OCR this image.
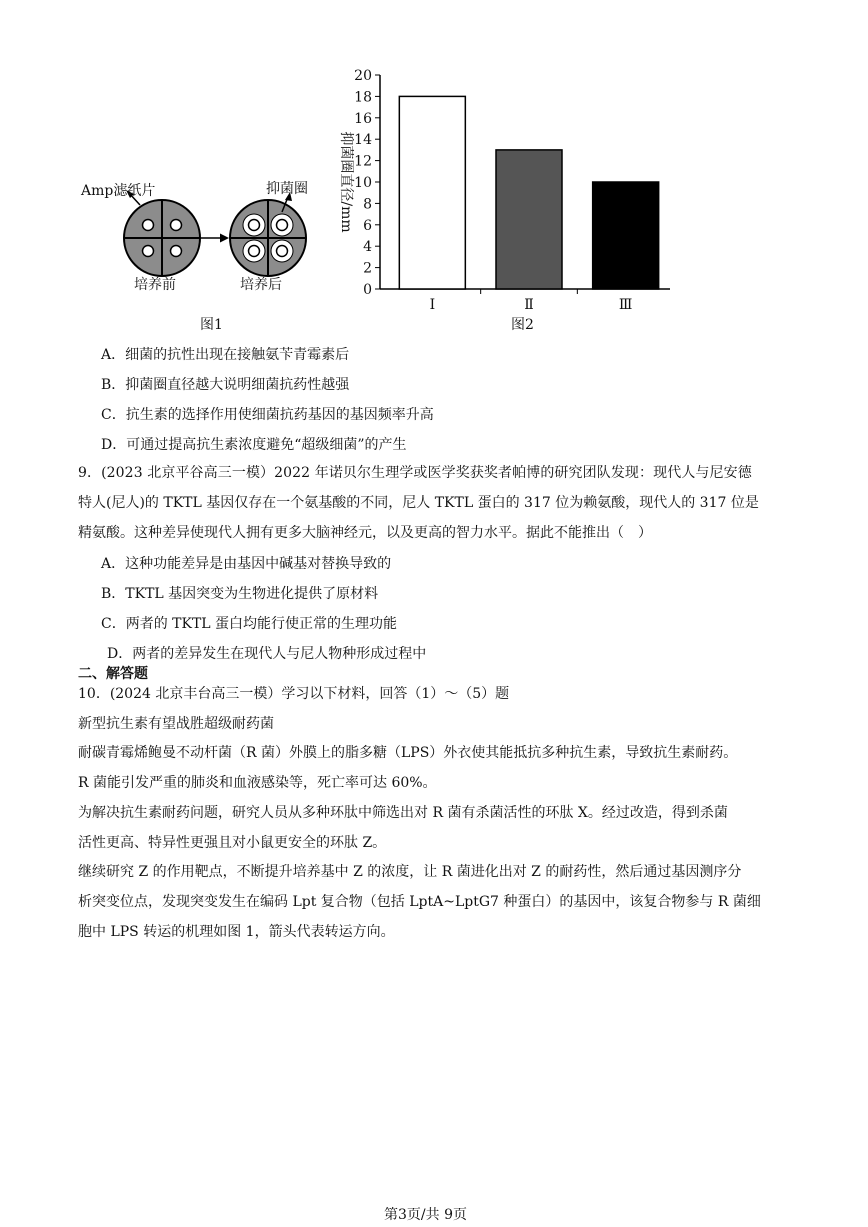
Amp滤纸片	抑菌圈
培养前	培养后
图1
0
2
4
6
8
10
12
14
16
18
20
抑菌圈直径/mm
Ⅰ	Ⅱ	Ⅲ
图2
A．细菌的抗性出现在接触氨苄青霉素后
B．抑菌圈直径越大说明细菌抗药性越强
C．抗生素的选择作用使细菌抗药基因的基因频率升高
D．可通过提高抗生素浓度避免“超级细菌”的产生
9．(2023 北京平谷高三一模）2022 年诺贝尔生理学或医学奖获奖者帕博的研究团队发现：现代人与尼安德
特人(尼人)的 TKTL 基因仅存在一个氨基酸的不同，尼人 TKTL 蛋白的 317 位为赖氨酸，现代人的 317 位是
精氨酸。这种差异使现代人拥有更多大脑神经元，以及更高的智力水平。据此不能推出（　）
A．这种功能差异是由基因中碱基对替换导致的
B．TKTL 基因突变为生物进化提供了原材料
C．两者的 TKTL 蛋白均能行使正常的生理功能
D．两者的差异发生在现代人与尼人物种形成过程中
二、解答题
10．(2024 北京丰台高三一模）学习以下材料，回答（1）～（5）题
新型抗生素有望战胜超级耐药菌
耐碳青霉烯鲍曼不动杆菌（R 菌）外膜上的脂多糖（LPS）外衣使其能抵抗多种抗生素，导致抗生素耐药。
R 菌能引发严重的肺炎和血液感染等，死亡率可达 60%。
为解决抗生素耐药问题，研究人员从多种环肽中筛选出对 R 菌有杀菌活性的环肽 X。经过改造，得到杀菌
活性更高、特异性更强且对小鼠更安全的环肽 Z。
继续研究 Z 的作用靶点，不断提升培养基中 Z 的浓度，让 R 菌进化出对 Z 的耐药性，然后通过基因测序分
析突变位点，发现突变发生在编码 Lpt 复合物（包括 LptA~LptG7 种蛋白）的基因中，该复合物参与 R 菌细
胞中 LPS 转运的机理如图 1，箭头代表转运方向。
第3页/共 9页
